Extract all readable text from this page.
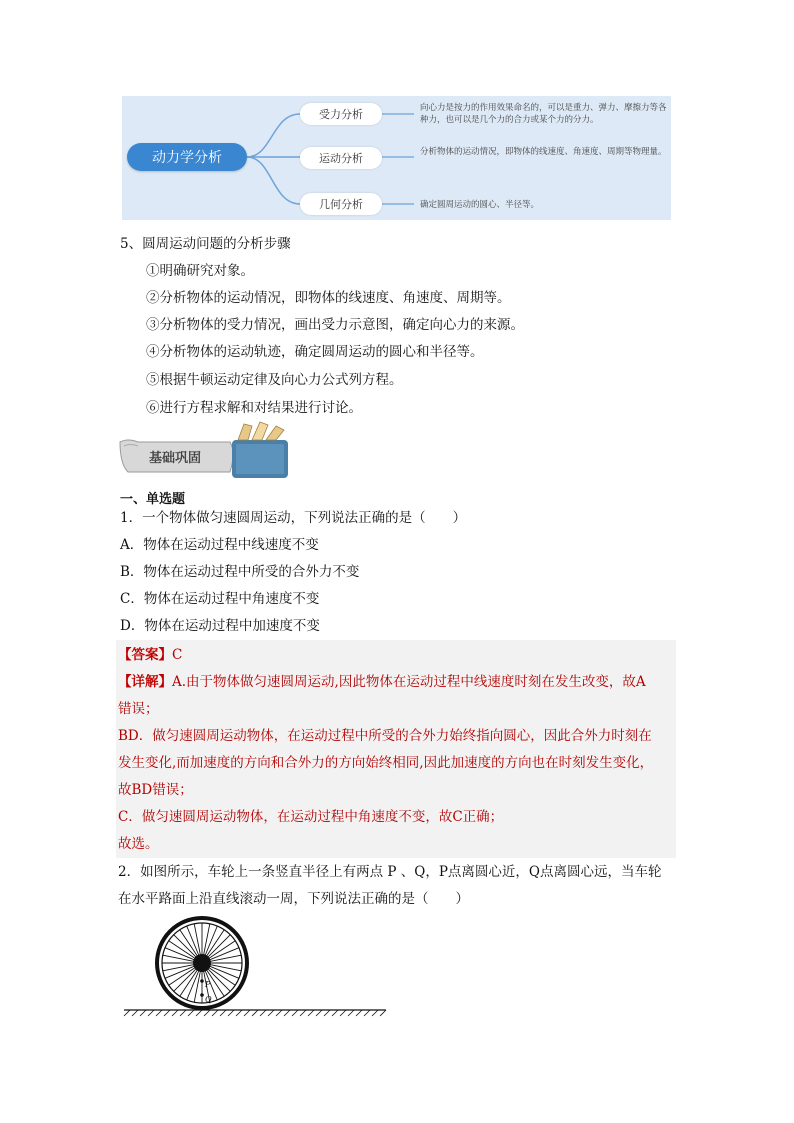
动力学分析
受力分析
运动分析
几何分析
向心力是按力的作用效果命名的，可以是重力、弹力、摩擦力等各种力，也可以是几个力的合力或某个力的分力。
分析物体的运动情况，即物体的线速度、角速度、周期等物理量。
确定圆周运动的圆心、半径等。
5、圆周运动问题的分析步骤
①明确研究对象。
②分析物体的运动情况，即物体的线速度、角速度、周期等。
③分析物体的受力情况，画出受力示意图，确定向心力的来源。
④分析物体的运动轨迹，确定圆周运动的圆心和半径等。
⑤根据牛顿运动定律及向心力公式列方程。
⑥进行方程求解和对结果进行讨论。
基础巩固
一、单选题
1．一个物体做匀速圆周运动，下列说法正确的是（　　）
A．物体在运动过程中线速度不变
B．物体在运动过程中所受的合外力不变
C．物体在运动过程中角速度不变
D．物体在运动过程中加速度不变
【答案】C
【详解】A.由于物体做匀速圆周运动,因此物体在运动过程中线速度时刻在发生改变，故A
错误；
BD．做匀速圆周运动物体，在运动过程中所受的合外力始终指向圆心，因此合外力时刻在
发生变化,而加速度的方向和合外力的方向始终相同,因此加速度的方向也在时刻发生变化，
故BD错误；
C．做匀速圆周运动物体，在运动过程中角速度不变，故C正确；
故选。
2．如图所示，车轮上一条竖直半径上有两点 P 、Q，P点离圆心近，Q点离圆心远，当车轮
在水平路面上沿直线滚动一周，下列说法正确的是（　　）
P
Q
